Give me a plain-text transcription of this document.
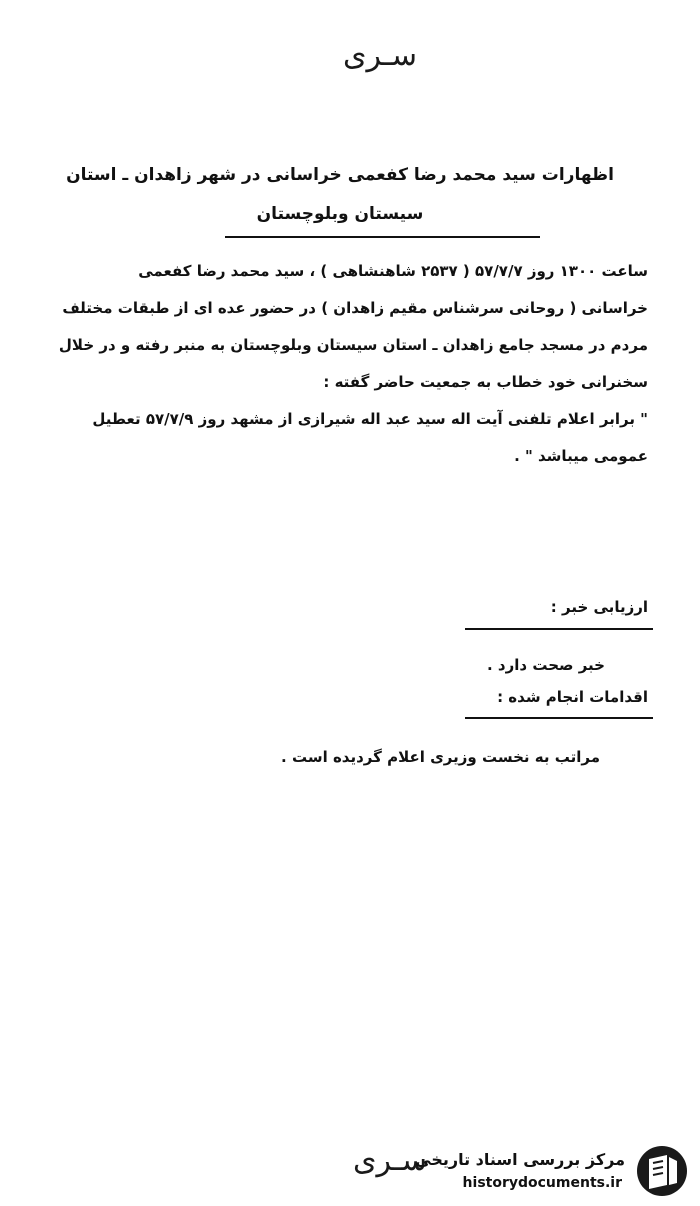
سـری
اظهارات سید محمد رضا کفعمی خراسانی در شهر زاهدان ـ استان
سیستان وبلوچستان
ساعت ۱۳۰۰ روز ۵۷/۷/۷ ( ۲۵۳۷ شاهنشاهی ) ، سید محمد رضا کفعمی
خراسانی ( روحانی سرشناس مقیم زاهدان ) در حضور عده ای از طبقات مختلف
مردم در مسجد جامع زاهدان ـ استان سیستان وبلوچستان به منبر رفته و در خلال
سخنرانی خود خطاب به جمعیت حاضر گفته :
" برابر اعلام تلفنی آیت اله سید عبد اله شیرازی از مشهد روز ۵۷/۷/۹ تعطیل
عمومی میباشد " .
ارزیابی خبر :
خبر صحت دارد .
اقدامات انجام شده :
مراتب به نخست وزیری اعلام گردیده است .
سـری
مرکز بررسی اسناد تاریخی
historydocuments.ir
